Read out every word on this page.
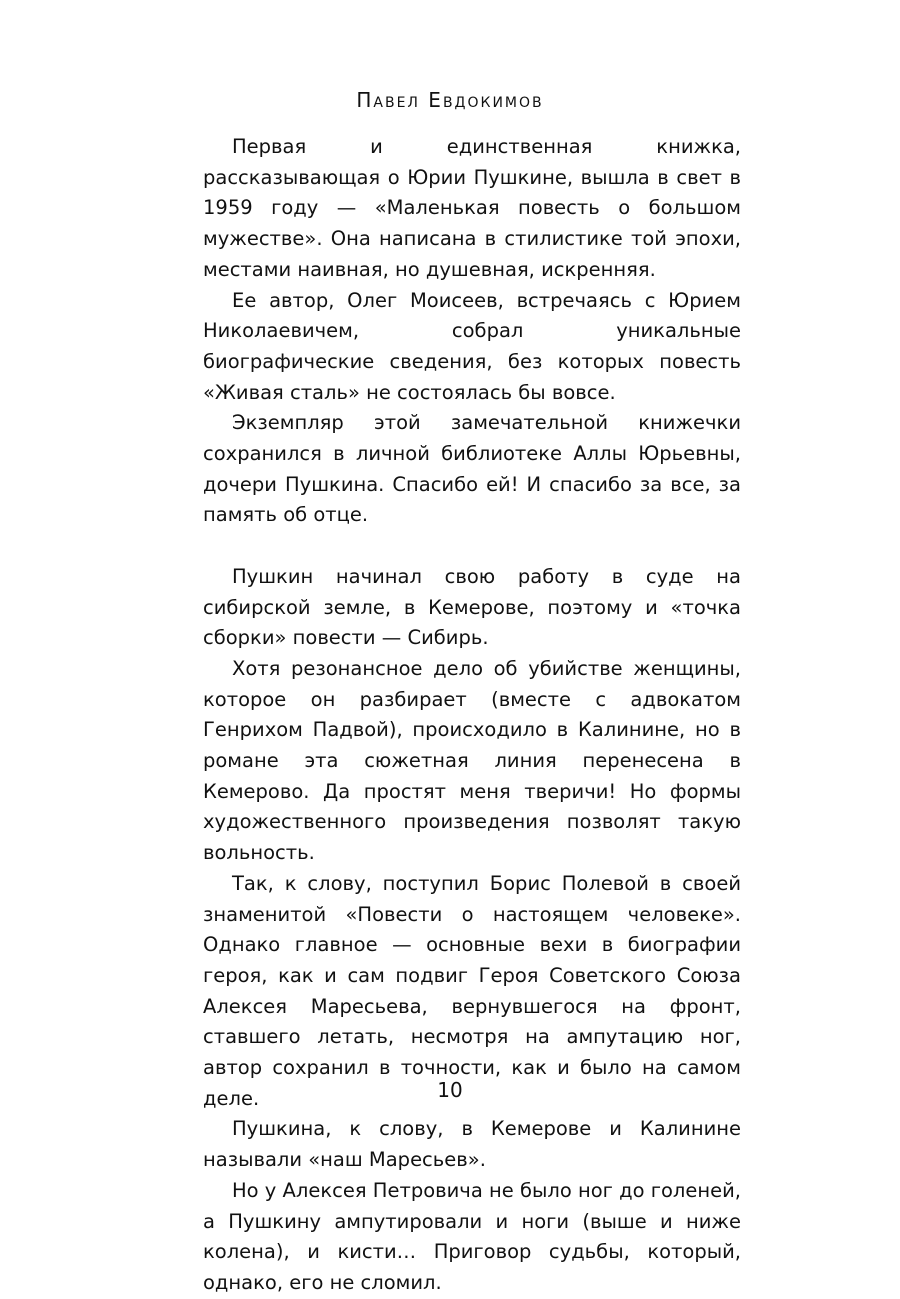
Павел Евдокимов

Первая и единственная книжка, рассказывающая о Юрии Пушкине, вышла в свет в 1959 году — «Маленькая повесть о большом мужестве». Она написана в стилистике той эпохи, местами наивная, но душевная, искренняя.

Ее автор, Олег Моисеев, встречаясь с Юрием Николаевичем, собрал уникальные биографические сведения, без которых повесть «Живая сталь» не состоялась бы вовсе.

Экземпляр этой замечательной книжечки сохранился в личной библиотеке Аллы Юрьевны, дочери Пушкина. Спасибо ей! И спасибо за все, за память об отце.

Пушкин начинал свою работу в суде на сибирской земле, в Кемерове, поэтому и «точка сборки» повести — Сибирь.

Хотя резонансное дело об убийстве женщины, которое он разбирает (вместе с адвокатом Генрихом Падвой), происходило в Калинине, но в романе эта сюжетная линия перенесена в Кемерово. Да простят меня тверичи! Но формы художественного произведения позволят такую вольность.

Так, к слову, поступил Борис Полевой в своей знаменитой «Повести о настоящем человеке». Однако главное — основные вехи в биографии героя, как и сам подвиг Героя Советского Союза Алексея Маресьева, вернувшегося на фронт, ставшего летать, несмотря на ампутацию ног, автор сохранил в точности, как и было на самом деле.

Пушкина, к слову, в Кемерове и Калинине называли «наш Маресьев».

Но у Алексея Петровича не было ног до голеней, а Пушкину ампутировали и ноги (выше и ниже колена), и кисти… Приговор судьбы, который, однако, его не сломил.

10
